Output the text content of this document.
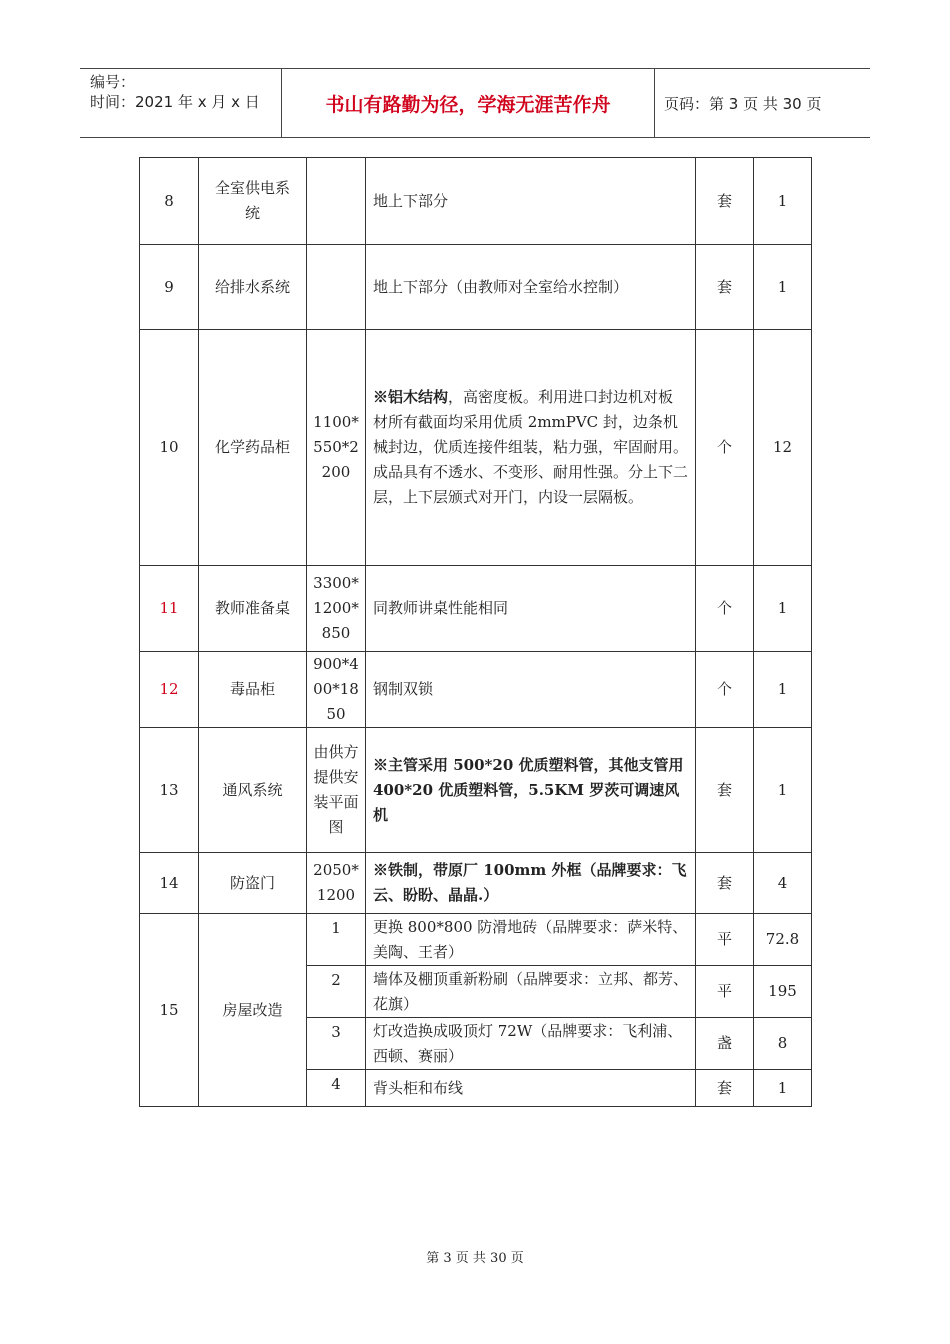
编号：
时间：2021 年 x 月 x 日	书山有路勤为径，学海无涯苦作舟	页码：第 3 页 共 30 页
8	全室供电系统		地上下部分	套	1
9	给排水系统		地上下部分（由教师对全室给水控制）	套	1
10	化学药品柜	1100*550*2200	※铝木结构，高密度板。利用进口封边机对板材所有截面均采用优质 2mmPVC 封，边条机械封边，优质连接件组装，粘力强，牢固耐用。成品具有不透水、不变形、耐用性强。分上下二层，上下层颁式对开门，内设一层隔板。	个	12
11	教师准备桌	3300*1200*850	同教师讲桌性能相同	个	1
12	毒品柜	900*400*1850	钢制双锁	个	1
13	通风系统	由供方提供安装平面图	※主管采用 500*20 优质塑料管，其他支管用 400*20 优质塑料管，5.5KM 罗茨可调速风机	套	1
14	防盗门	2050*1200	※铁制，带原厂 100mm 外框（品牌要求：飞云、盼盼、晶晶.）	套	4
15	房屋改造	1	更换 800*800 防滑地砖（品牌要求：萨米特、美陶、王者）	平	72.8
		2	墙体及棚顶重新粉刷（品牌要求：立邦、都芳、花旗）	平	195
		3	灯改造换成吸顶灯 72W（品牌要求：飞利浦、西顿、赛丽）	盏	8
		4	背头柜和布线	套	1
第 3 页 共 30 页
